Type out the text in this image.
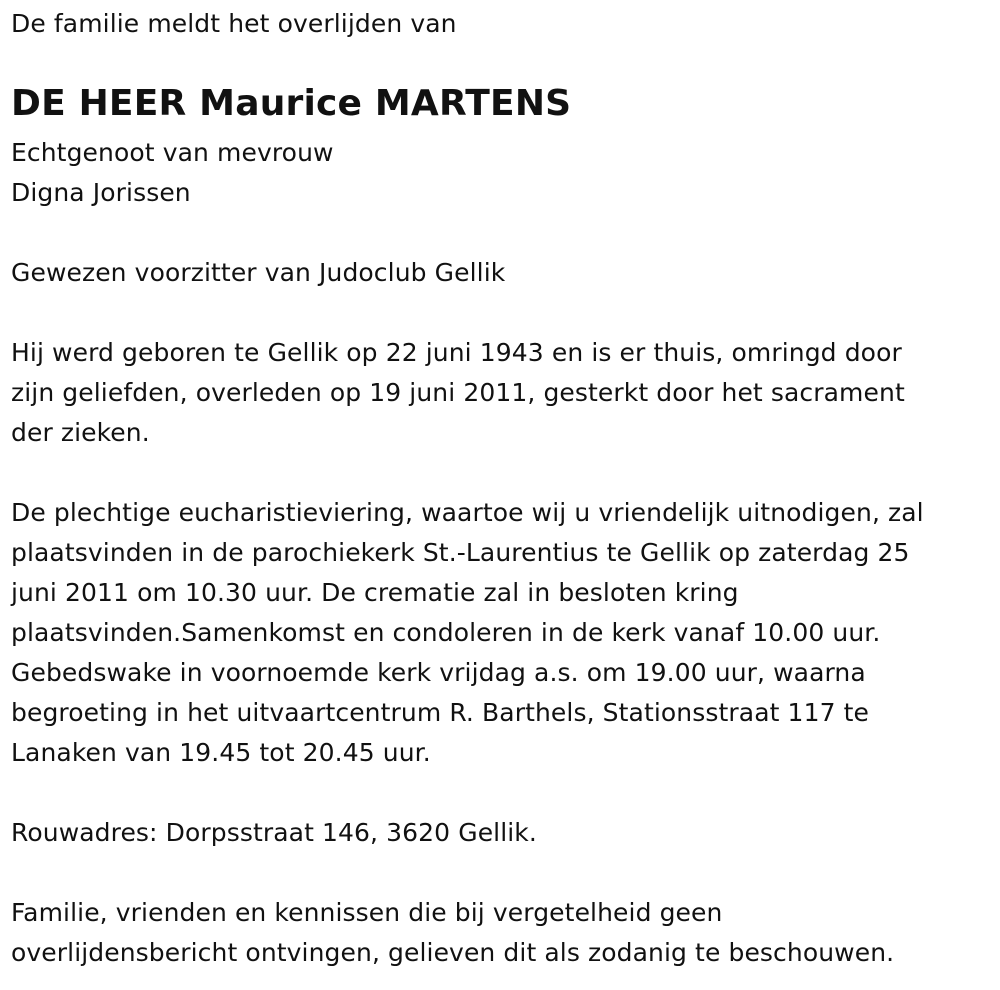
De familie meldt het overlijden van
DE HEER Maurice MARTENS
Echtgenoot van mevrouw
Digna Jorissen
Gewezen voorzitter van Judoclub Gellik
Hij werd geboren te Gellik op 22 juni 1943 en is er thuis, omringd door
zijn geliefden, overleden op 19 juni 2011, gesterkt door het sacrament
der zieken.
De plechtige eucharistieviering, waartoe wij u vriendelijk uitnodigen, zal
plaatsvinden in de parochiekerk St.-Laurentius te Gellik op zaterdag 25
juni 2011 om 10.30 uur. De crematie zal in besloten kring
plaatsvinden.Samenkomst en condoleren in de kerk vanaf 10.00 uur.
Gebedswake in voornoemde kerk vrijdag a.s. om 19.00 uur, waarna
begroeting in het uitvaartcentrum R. Barthels, Stationsstraat 117 te
Lanaken van 19.45 tot 20.45 uur.
Rouwadres: Dorpsstraat 146, 3620 Gellik.
Familie, vrienden en kennissen die bij vergetelheid geen
overlijdensbericht ontvingen, gelieven dit als zodanig te beschouwen.
